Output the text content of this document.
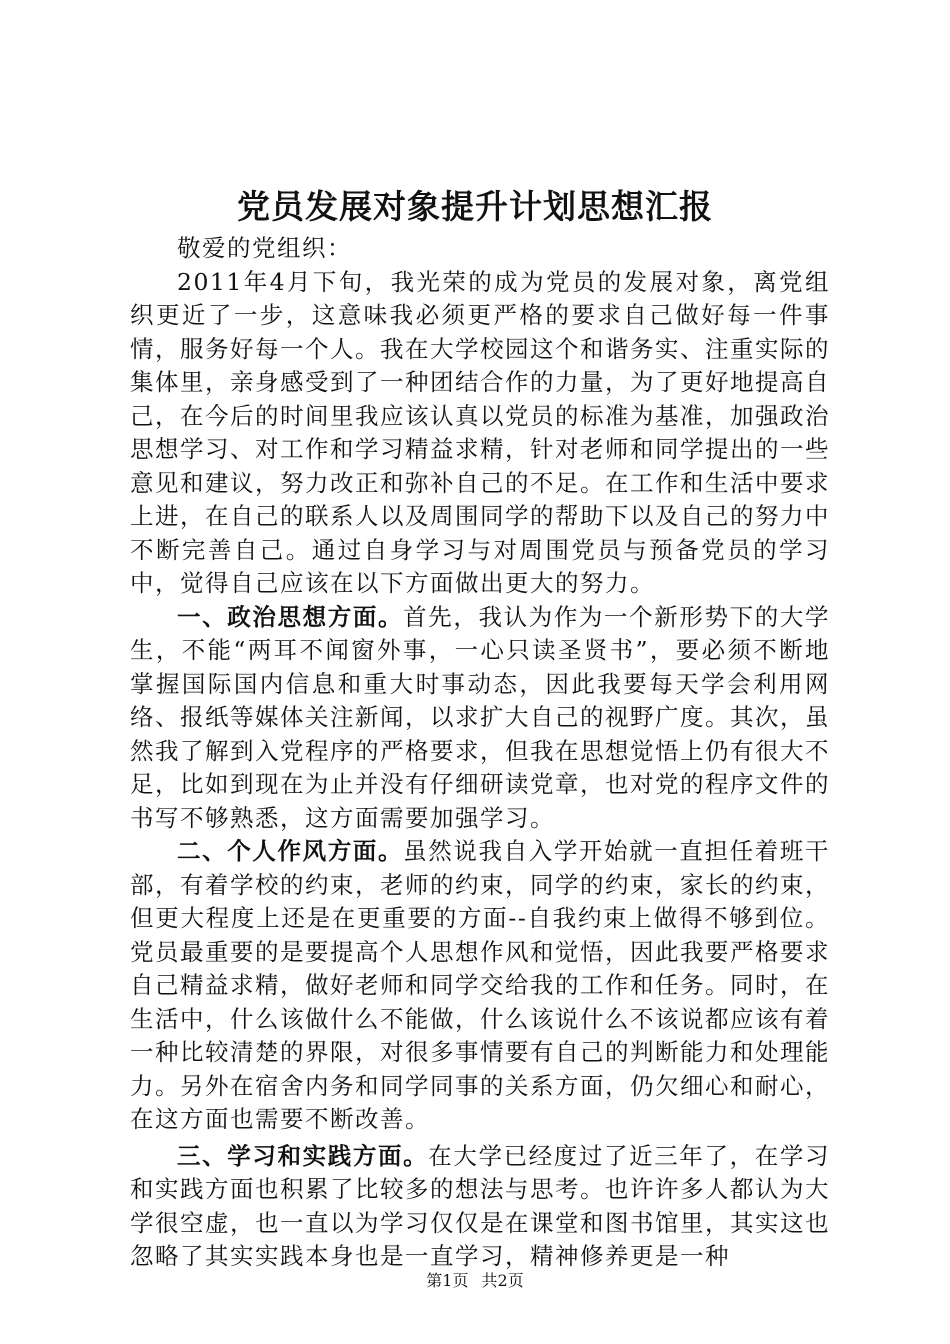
党员发展对象提升计划思想汇报

敬爱的党组织：

2011年4月下旬，我光荣的成为党员的发展对象，离党组织更近了一步，这意味我必须更严格的要求自己做好每一件事情，服务好每一个人。我在大学校园这个和谐务实、注重实际的集体里，亲身感受到了一种团结合作的力量，为了更好地提高自己，在今后的时间里我应该认真以党员的标准为基准，加强政治思想学习、对工作和学习精益求精，针对老师和同学提出的一些意见和建议，努力改正和弥补自己的不足。在工作和生活中要求上进，在自己的联系人以及周围同学的帮助下以及自己的努力中不断完善自己。通过自身学习与对周围党员与预备党员的学习中，觉得自己应该在以下方面做出更大的努力。

一、政治思想方面。首先，我认为作为一个新形势下的大学生，不能“两耳不闻窗外事，一心只读圣贤书”，要必须不断地掌握国际国内信息和重大时事动态，因此我要每天学会利用网络、报纸等媒体关注新闻，以求扩大自己的视野广度。其次，虽然我了解到入党程序的严格要求，但我在思想觉悟上仍有很大不足，比如到现在为止并没有仔细研读党章，也对党的程序文件的书写不够熟悉，这方面需要加强学习。

二、个人作风方面。虽然说我自入学开始就一直担任着班干部，有着学校的约束，老师的约束，同学的约束，家长的约束，但更大程度上还是在更重要的方面--自我约束上做得不够到位。党员最重要的是要提高个人思想作风和觉悟，因此我要严格要求自己精益求精，做好老师和同学交给我的工作和任务。同时，在生活中，什么该做什么不能做，什么该说什么不该说都应该有着一种比较清楚的界限，对很多事情要有自己的判断能力和处理能力。另外在宿舍内务和同学同事的关系方面，仍欠细心和耐心，在这方面也需要不断改善。

三、学习和实践方面。在大学已经度过了近三年了，在学习和实践方面也积累了比较多的想法与思考。也许许多人都认为大学很空虚，也一直以为学习仅仅是在课堂和图书馆里，其实这也忽略了其实实践本身也是一直学习，精神修养更是一种

第1页 共2页
